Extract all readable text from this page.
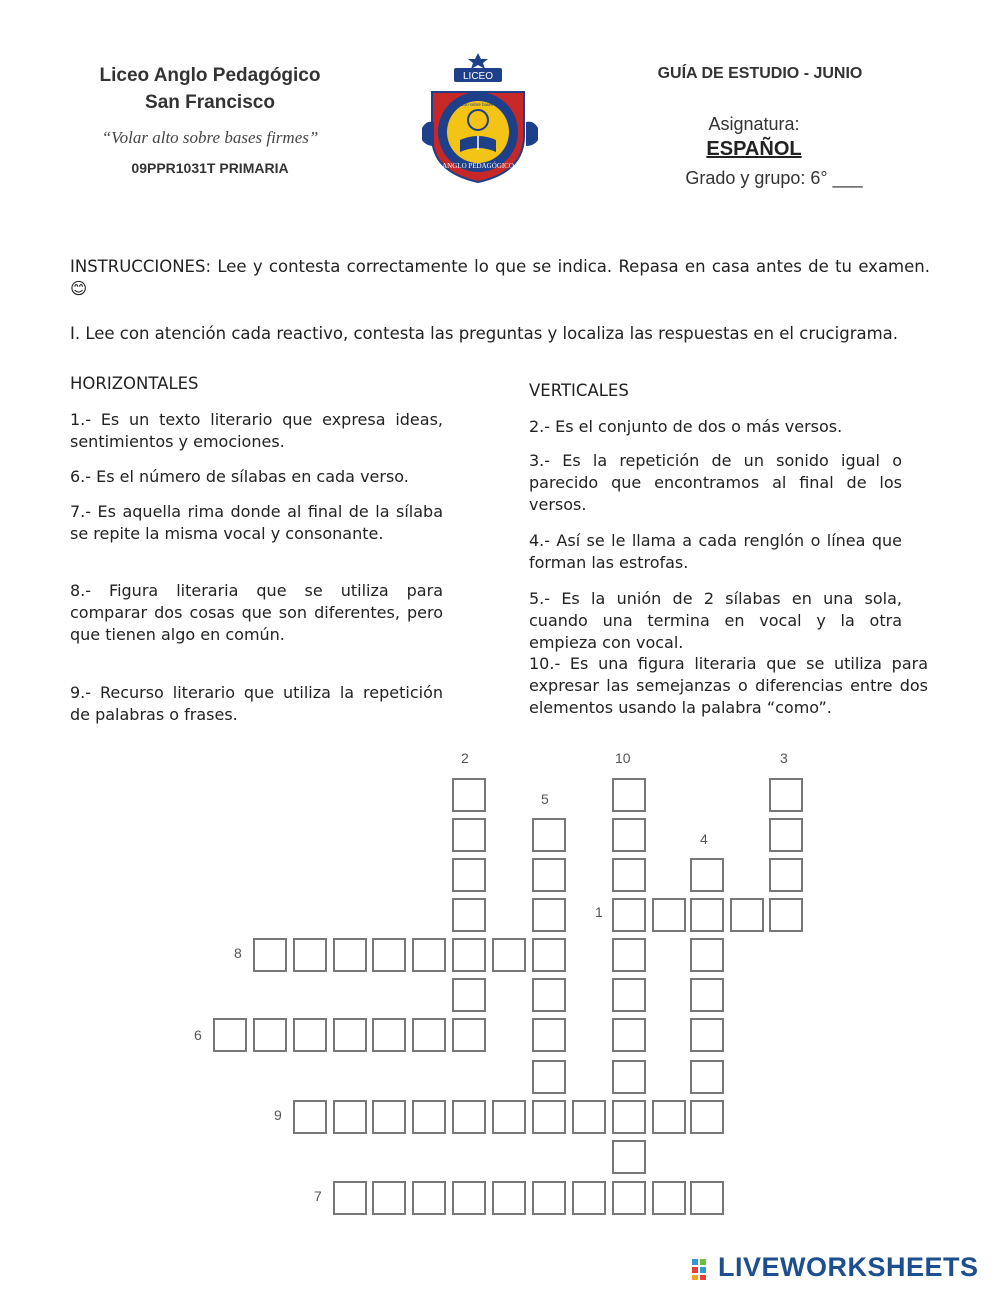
Liceo Anglo Pedagógico
San Francisco
“Volar alto sobre bases firmes”
09PPR1031T PRIMARIA
LICEO
Volar alto sobre bases firmes
ANGLO PEDAGÓGICO
GUÍA DE ESTUDIO - JUNIO
Asignatura:
ESPAÑOL
Grado y grupo: 6° ___
INSTRUCCIONES: Lee y contesta correctamente lo que se indica. Repasa en casa antes de tu examen. 😊
I. Lee con atención cada reactivo, contesta las preguntas y localiza las respuestas en el crucigrama.
HORIZONTALES
1.- Es un texto literario que expresa ideas, sentimientos y emociones.
6.- Es el número de sílabas en cada verso.
7.- Es aquella rima donde al final de la sílaba se repite la misma vocal y consonante.
8.- Figura literaria que se utiliza para comparar dos cosas que son diferentes, pero que tienen algo en común.
9.- Recurso literario que utiliza la repetición de palabras o frases.
VERTICALES
2.- Es el conjunto de dos o más versos.
3.- Es la repetición de un sonido igual o parecido que encontramos al final de los versos.
4.- Así se le llama a cada renglón o línea que forman las estrofas.
5.- Es la unión de 2 sílabas en una sola, cuando una termina en vocal y la otra empieza con vocal.
10.- Es una figura literaria que se utiliza para expresar las semejanzas o diferencias entre dos elementos usando la palabra “como”.
2	10	3
5
4
1
8
6
9
7
LIVEWORKSHEETS
